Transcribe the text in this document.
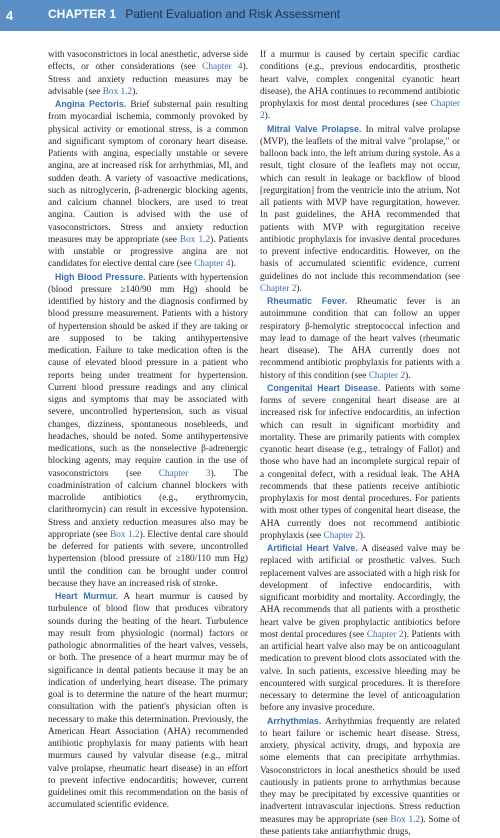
4	CHAPTER 1 Patient Evaluation and Risk Assessment

with vasoconstrictors in local anesthetic, adverse side effects, or other considerations (see Chapter 4). Stress and anxiety reduction measures may be advisable (see Box 1.2).

Angina Pectoris. Brief substernal pain resulting from myocardial ischemia, commonly provoked by physical activity or emotional stress, is a common and significant symptom of coronary heart disease. Patients with angina, especially unstable or severe angina, are at increased risk for arrhythmias, MI, and sudden death. A variety of vasoactive medications, such as nitroglycerin, β-adrenergic blocking agents, and calcium channel blockers, are used to treat angina. Caution is advised with the use of vasoconstrictors. Stress and anxiety reduction measures may be appropriate (see Box 1.2). Patients with unstable or progressive angina are not candidates for elective dental care (see Chapter 4).

High Blood Pressure. Patients with hypertension (blood pressure ≥140/90 mm Hg) should be identified by history and the diagnosis confirmed by blood pressure measurement. Patients with a history of hypertension should be asked if they are taking or are supposed to be taking antihypertensive medication. Failure to take medication often is the cause of elevated blood pressure in a patient who reports being under treatment for hypertension. Current blood pressure readings and any clinical signs and symptoms that may be associated with severe, uncontrolled hypertension, such as visual changes, dizziness, spontaneous nosebleeds, and headaches, should be noted. Some antihypertensive medications, such as the nonselective β-adrenergic blocking agents, may require caution in the use of vasoconstrictors (see Chapter 3). The coadministration of calcium channel blockers with macrolide antibiotics (e.g., erythromycin, clarithromycin) can result in excessive hypotension. Stress and anxiety reduction measures also may be appropriate (see Box 1.2). Elective dental care should be deferred for patients with severe, uncontrolled hypertension (blood pressure of ≥180/110 mm Hg) until the condition can be brought under control because they have an increased risk of stroke.

Heart Murmur. A heart murmur is caused by turbulence of blood flow that produces vibratory sounds during the beating of the heart. Turbulence may result from physiologic (normal) factors or pathologic abnormalities of the heart valves, vessels, or both. The presence of a heart murmur may be of significance in dental patients because it may be an indication of underlying heart disease. The primary goal is to determine the nature of the heart murmur; consultation with the patient's physician often is necessary to make this determination. Previously, the American Heart Association (AHA) recommended antibiotic prophylaxis for many patients with heart murmurs caused by valvular disease (e.g., mitral valve prolapse, rheumatic heart disease) in an effort to prevent infective endocarditis; however, current guidelines omit this recommendation on the basis of accumulated scientific evidence.

If a murmur is caused by certain specific cardiac conditions (e.g., previous endocarditis, prosthetic heart valve, complex congenital cyanotic heart disease), the AHA continues to recommend antibiotic prophylaxis for most dental procedures (see Chapter 2).

Mitral Valve Prolapse. In mitral valve prolapse (MVP), the leaflets of the mitral valve "prolapse," or balloon back into, the left atrium during systole. As a result, tight closure of the leaflets may not occur, which can result in leakage or backflow of blood [regurgitation] from the ventricle into the atrium. Not all patients with MVP have regurgitation, however. In past guidelines, the AHA recommended that patients with MVP with regurgitation receive antibiotic prophylaxis for invasive dental procedures to prevent infective endocarditis. However, on the basis of accumulated scientific evidence, current guidelines do not include this recommendation (see Chapter 2).

Rheumatic Fever. Rheumatic fever is an autoimmune condition that can follow an upper respiratory β-hemolytic streptococcal infection and may lead to damage of the heart valves (rheumatic heart disease). The AHA currently does not recommend antibiotic prophylaxis for patients with a history of this condition (see Chapter 2).

Congenital Heart Disease. Patients with some forms of severe congenital heart disease are at increased risk for infective endocarditis, an infection which can result in significant morbidity and mortality. These are primarily patients with complex cyanotic heart disease (e.g., tetralogy of Fallot) and those who have had an incomplete surgical repair of a congenital defect, with a residual leak. The AHA recommends that these patients receive antibiotic prophylaxis for most dental procedures. For patients with most other types of congenital heart disease, the AHA currently does not recommend antibiotic prophylaxis (see Chapter 2).

Artificial Heart Valve. A diseased valve may be replaced with artificial or prosthetic valves. Such replacement valves are associated with a high risk for development of infective endocarditis, with significant morbidity and mortality. Accordingly, the AHA recommends that all patients with a prosthetic heart valve be given prophylactic antibiotics before most dental procedures (see Chapter 2). Patients with an artificial heart valve also may be on anticoagulant medication to prevent blood clots associated with the valve. In such patients, excessive bleeding may be encountered with surgical procedures. It is therefore necessary to determine the level of anticoagulation before any invasive procedure.

Arrhythmias. Arrhythmias frequently are related to heart failure or ischemic heart disease. Stress, anxiety, physical activity, drugs, and hypoxia are some elements that can precipitate arrhythmias. Vasoconstrictors in local anesthetics should be used cautiously in patients prone to arrhythmias because they may be precipitated by excessive quantities or inadvertent intravascular injections. Stress reduction measures may be appropriate (see Box 1.2). Some of these patients take antiarrhythmic drugs,
